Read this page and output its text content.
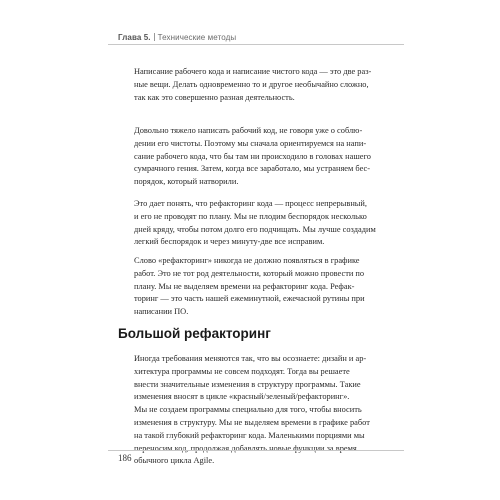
Глава 5. Технические методы

Написание рабочего кода и написание чистого кода — это две раз-
ные вещи. Делать одновременно то и другое необычайно сложно,
так как это совершенно разная деятельность.

Довольно тяжело написать рабочий код, не говоря уже о соблю-
дении его чистоты. Поэтому мы сначала ориентируемся на напи-
сание рабочего кода, что бы там ни происходило в головах нашего
сумрачного гения. Затем, когда все заработало, мы устраняем бес-
порядок, который натворили.

Это дает понять, что рефакторинг кода — процесс непрерывный,
и его не проводят по плану. Мы не плодим беспорядок несколько
дней кряду, чтобы потом долго его подчищать. Мы лучше создадим
легкий беспорядок и через минуту-две все исправим.

Слово «рефакторинг» никогда не должно появляться в графике
работ. Это не тот род деятельности, который можно провести по
плану. Мы не выделяем времени на рефакторинг кода. Рефак-
торинг — это часть нашей ежеминутной, ежечасной рутины при
написании ПО.

Большой рефакторинг

Иногда требования меняются так, что вы осознаете: дизайн и ар-
хитектура программы не совсем подходят. Тогда вы решаете
внести значительные изменения в структуру программы. Такие
изменения вносят в цикле «красный/зеленый/рефакторинг».
Мы не создаем программы специально для того, чтобы вносить
изменения в структуру. Мы не выделяем времени в графике работ
на такой глубокий рефакторинг кода. Маленькими порциями мы
переносим код, продолжая добавлять новые функции за время
обычного цикла Agile.

186
